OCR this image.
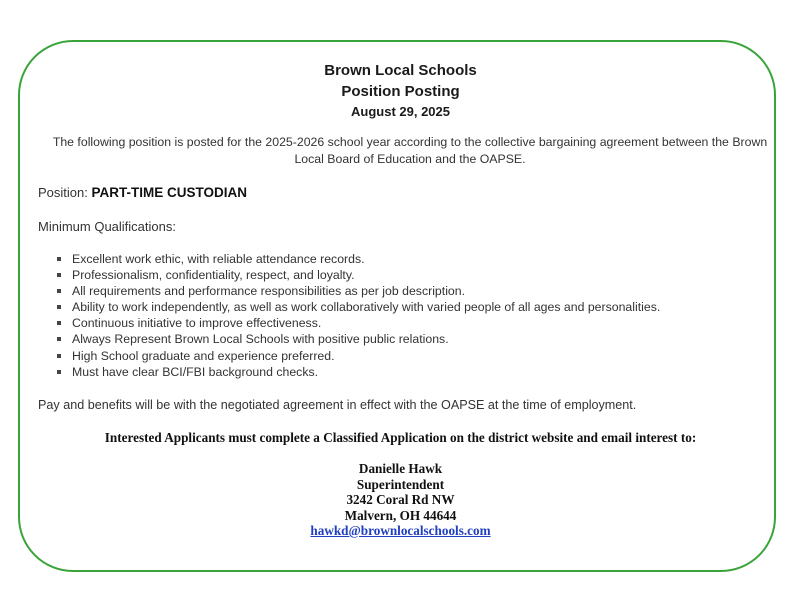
Brown Local Schools
Position Posting
August 29, 2025
The following position is posted for the 2025-2026 school year according to the collective bargaining agreement between the Brown Local Board of Education and the OAPSE.
Position: PART-TIME CUSTODIAN
Minimum Qualifications:
Excellent work ethic, with reliable attendance records.
Professionalism, confidentiality, respect, and loyalty.
All requirements and performance responsibilities as per job description.
Ability to work independently, as well as work collaboratively with varied people of all ages and personalities.
Continuous initiative to improve effectiveness.
Always Represent Brown Local Schools with positive public relations.
High School graduate and experience preferred.
Must have clear BCI/FBI background checks.
Pay and benefits will be with the negotiated agreement in effect with the OAPSE at the time of employment.
Interested Applicants must complete a Classified Application on the district website and email interest to:
Danielle Hawk
Superintendent
3242 Coral Rd NW
Malvern, OH 44644
hawkd@brownlocalschools.com
